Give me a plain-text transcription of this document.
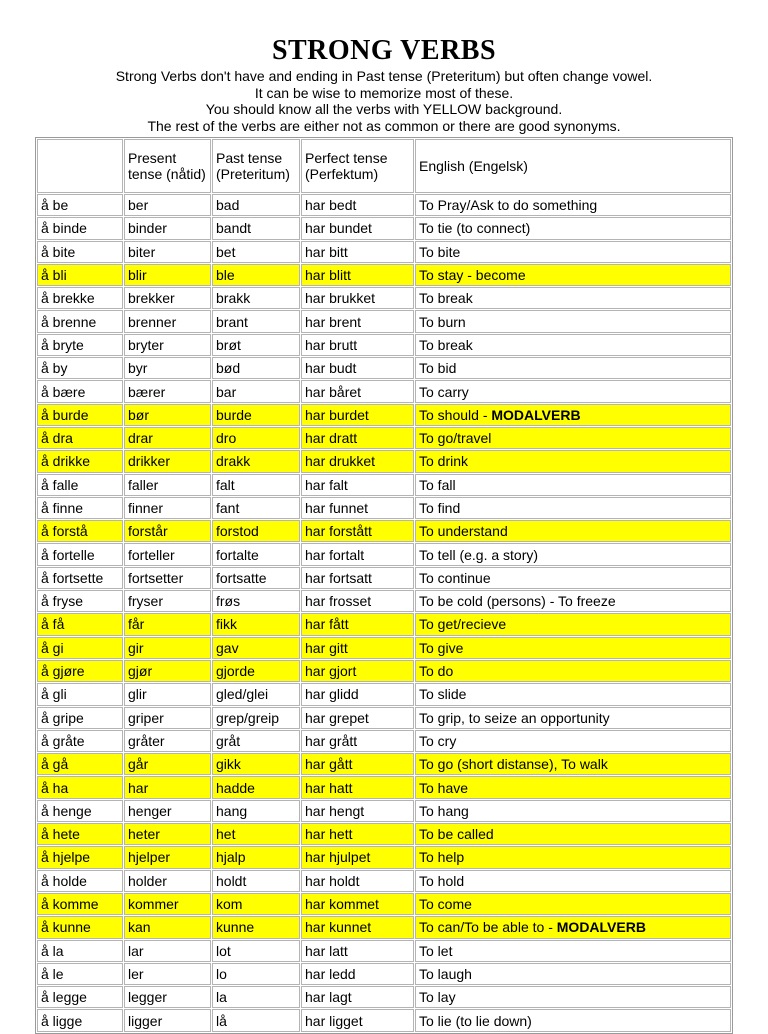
STRONG VERBS
Strong Verbs don't have and ending in Past tense (Preteritum) but often change vowel.
It can be wise to memorize most of these.
You should know all the verbs with YELLOW background.
The rest of the verbs are either not as common or there are good synonyms.
	Present tense (nåtid)	Past tense (Preteritum)	Perfect tense (Perfektum)	English (Engelsk)
å be	ber	bad	har bedt	To Pray/Ask to do something
å binde	binder	bandt	har bundet	To tie (to connect)
å bite	biter	bet	har bitt	To bite
å bli	blir	ble	har blitt	To stay - become
å brekke	brekker	brakk	har brukket	To break
å brenne	brenner	brant	har brent	To burn
å bryte	bryter	brøt	har brutt	To break
å by	byr	bød	har budt	To bid
å bære	bærer	bar	har båret	To carry
å burde	bør	burde	har burdet	To should - MODALVERB
å dra	drar	dro	har dratt	To go/travel
å drikke	drikker	drakk	har drukket	To drink
å falle	faller	falt	har falt	To fall
å finne	finner	fant	har funnet	To find
å forstå	forstår	forstod	har forstått	To understand
å fortelle	forteller	fortalte	har fortalt	To tell (e.g. a story)
å fortsette	fortsetter	fortsatte	har fortsatt	To continue
å fryse	fryser	frøs	har frosset	To be cold (persons) - To freeze
å få	får	fikk	har fått	To get/recieve
å gi	gir	gav	har gitt	To give
å gjøre	gjør	gjorde	har gjort	To do
å gli	glir	gled/glei	har glidd	To slide
å gripe	griper	grep/greip	har grepet	To grip, to seize an opportunity
å gråte	gråter	gråt	har grått	To cry
å gå	går	gikk	har gått	To go (short distanse), To walk
å ha	har	hadde	har hatt	To have
å henge	henger	hang	har hengt	To hang
å hete	heter	het	har hett	To be called
å hjelpe	hjelper	hjalp	har hjulpet	To help
å holde	holder	holdt	har holdt	To hold
å komme	kommer	kom	har kommet	To come
å kunne	kan	kunne	har kunnet	To can/To be able to - MODALVERB
å la	lar	lot	har latt	To let
å le	ler	lo	har ledd	To laugh
å legge	legger	la	har lagt	To lay
å ligge	ligger	lå	har ligget	To lie (to lie down)
